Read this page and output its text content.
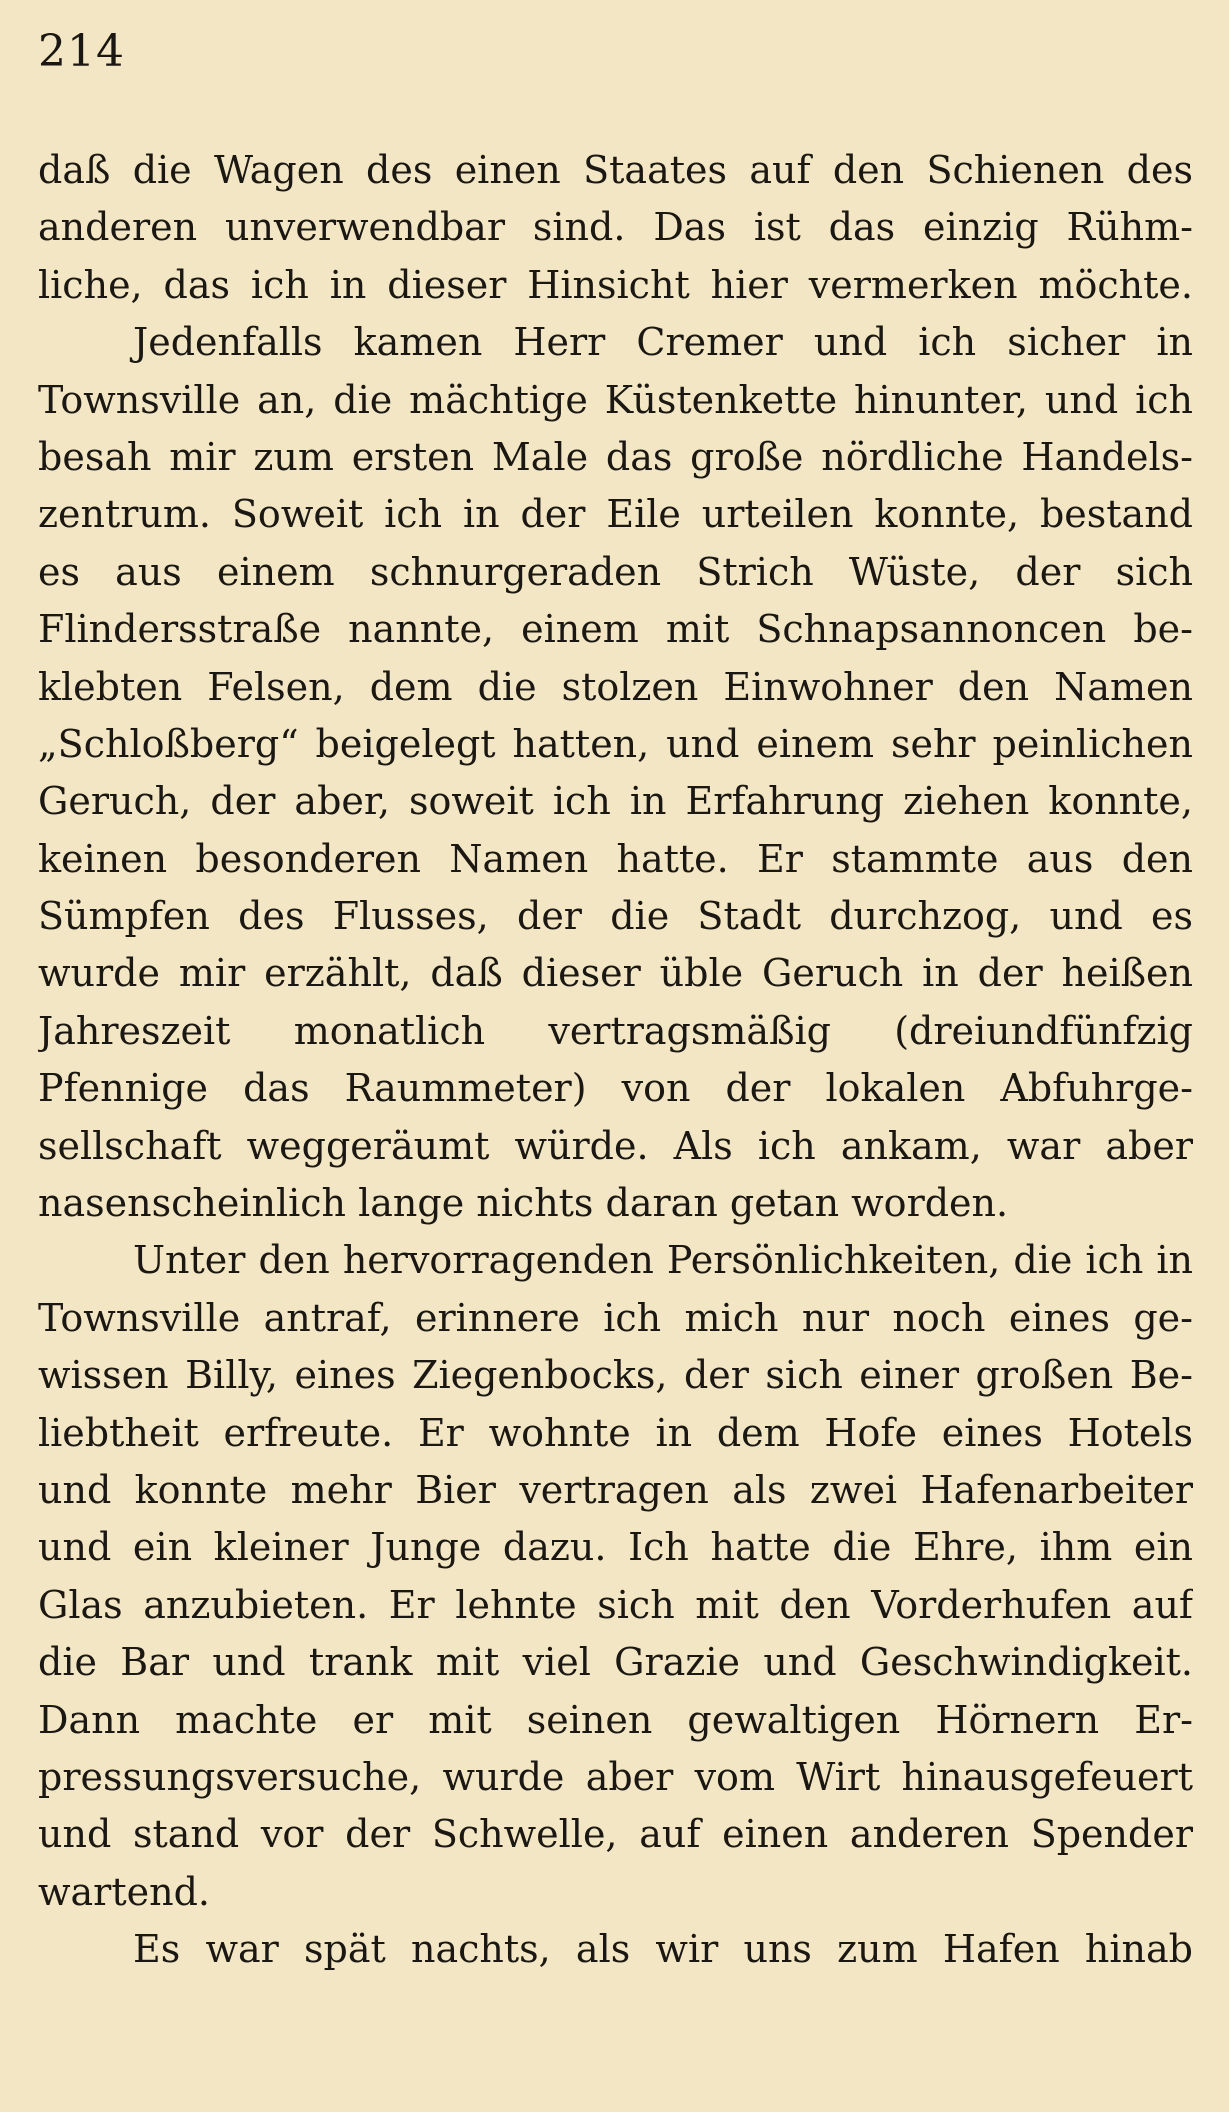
214
daß die Wagen des einen Staates auf den Schienen des
anderen unverwendbar sind. Das ist das einzig Rühm-
liche, das ich in dieser Hinsicht hier vermerken möchte.
Jedenfalls kamen Herr Cremer und ich sicher in
Townsville an, die mächtige Küstenkette hinunter, und ich
besah mir zum ersten Male das große nördliche Handels-
zentrum. Soweit ich in der Eile urteilen konnte, bestand
es aus einem schnurgeraden Strich Wüste, der sich
Flindersstraße nannte, einem mit Schnapsannoncen be-
klebten Felsen, dem die stolzen Einwohner den Namen
„Schloßberg“ beigelegt hatten, und einem sehr peinlichen
Geruch, der aber, soweit ich in Erfahrung ziehen konnte,
keinen besonderen Namen hatte. Er stammte aus den
Sümpfen des Flusses, der die Stadt durchzog, und es
wurde mir erzählt, daß dieser üble Geruch in der heißen
Jahreszeit monatlich vertragsmäßig (dreiundfünfzig
Pfennige das Raummeter) von der lokalen Abfuhrge-
sellschaft weggeräumt würde. Als ich ankam, war aber
nasenscheinlich lange nichts daran getan worden.
Unter den hervorragenden Persönlichkeiten, die ich in
Townsville antraf, erinnere ich mich nur noch eines ge-
wissen Billy, eines Ziegenbocks, der sich einer großen Be-
liebtheit erfreute. Er wohnte in dem Hofe eines Hotels
und konnte mehr Bier vertragen als zwei Hafenarbeiter
und ein kleiner Junge dazu. Ich hatte die Ehre, ihm ein
Glas anzubieten. Er lehnte sich mit den Vorderhufen auf
die Bar und trank mit viel Grazie und Geschwindigkeit.
Dann machte er mit seinen gewaltigen Hörnern Er-
pressungsversuche, wurde aber vom Wirt hinausgefeuert
und stand vor der Schwelle, auf einen anderen Spender
wartend.
Es war spät nachts, als wir uns zum Hafen hinab
